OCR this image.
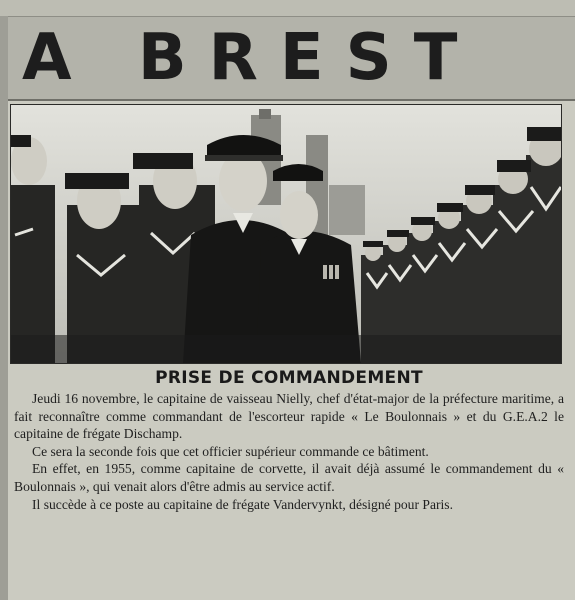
A BREST
PRISE DE COMMANDEMENT

Jeudi 16 novembre, le capitaine de vaisseau Nielly, chef d'état-major de la préfecture maritime, a fait reconnaître comme commandant de l'escorteur rapide « Le Boulonnais » et du G.E.A.2 le capitaine de frégate Dischamp.

Ce sera la seconde fois que cet officier supérieur commande ce bâtiment.

En effet, en 1955, comme capitaine de corvette, il avait déjà assumé le commandement du « Boulonnais », qui venait alors d'être admis au service actif.

Il succède à ce poste au capitaine de frégate Vandervynkt, désigné pour Paris.
